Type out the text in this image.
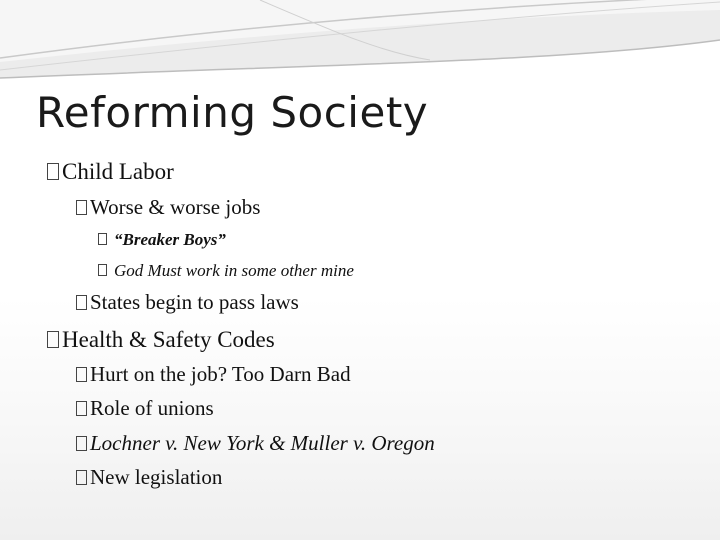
Reforming Society
Child Labor
Worse & worse jobs
“Breaker Boys”
God Must work in some other mine
States begin to pass laws
Health & Safety Codes
Hurt on the job? Too Darn Bad
Role of unions
Lochner v. New York & Muller v. Oregon
New legislation
